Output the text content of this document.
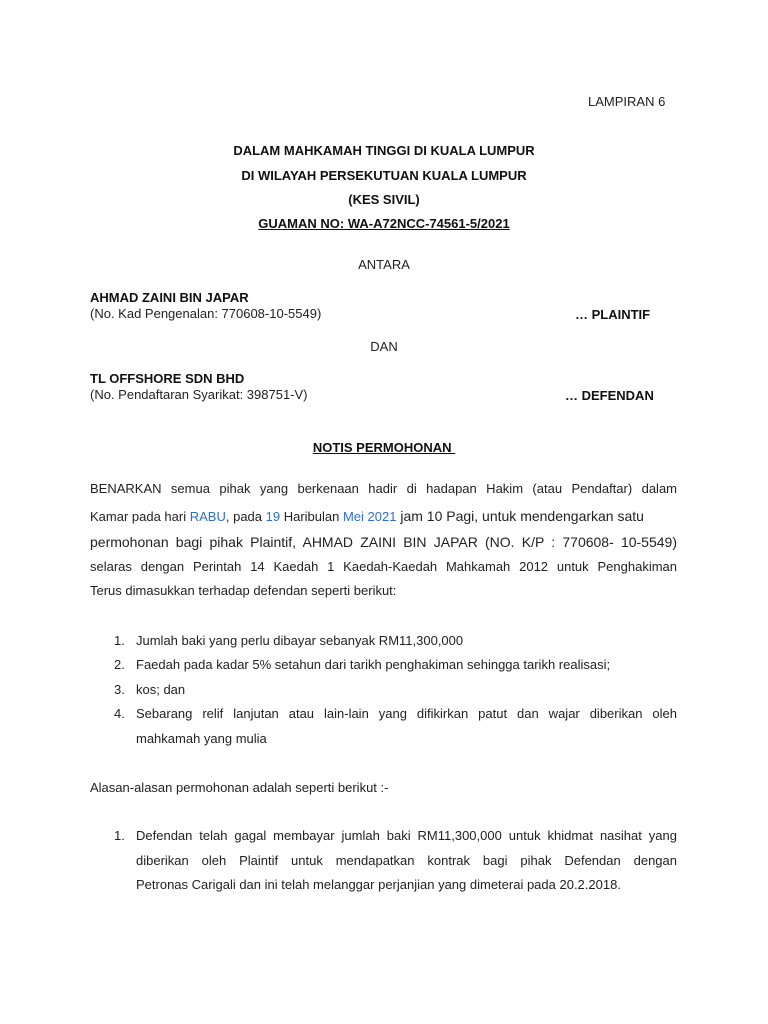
LAMPIRAN 6
DALAM MAHKAMAH TINGGI DI KUALA LUMPUR
DI WILAYAH PERSEKUTUAN KUALA LUMPUR
(KES SIVIL)
GUAMAN NO: WA-A72NCC-74561-5/2021
ANTARA
AHMAD ZAINI BIN JAPAR
(No. Kad Pengenalan: 770608-10-5549)	… PLAINTIF
DAN
TL OFFSHORE SDN BHD
(No. Pendaftaran Syarikat: 398751-V)	… DEFENDAN
NOTIS PERMOHONAN
BENARKAN semua pihak yang berkenaan hadir di hadapan Hakim (atau Pendaftar) dalam
Kamar pada hari RABU, pada 19 Haribulan Mei 2021 jam 10 Pagi, untuk mendengarkan satu
permohonan bagi pihak Plaintif, AHMAD ZAINI BIN JAPAR (NO. K/P : 770608- 10-5549)
selaras dengan Perintah 14 Kaedah 1 Kaedah-Kaedah Mahkamah 2012 untuk Penghakiman
Terus dimasukkan terhadap defendan seperti berikut:
1. Jumlah baki yang perlu dibayar sebanyak RM11,300,000
2. Faedah pada kadar 5% setahun dari tarikh penghakiman sehingga tarikh realisasi;
3. kos; dan
4. Sebarang relif lanjutan atau lain-lain yang difikirkan patut dan wajar diberikan oleh
mahkamah yang mulia
Alasan-alasan permohonan adalah seperti berikut :-
1. Defendan telah gagal membayar jumlah baki RM11,300,000 untuk khidmat nasihat yang
diberikan oleh Plaintif untuk mendapatkan kontrak bagi pihak Defendan dengan
Petronas Carigali dan ini telah melanggar perjanjian yang dimeterai pada 20.2.2018.
